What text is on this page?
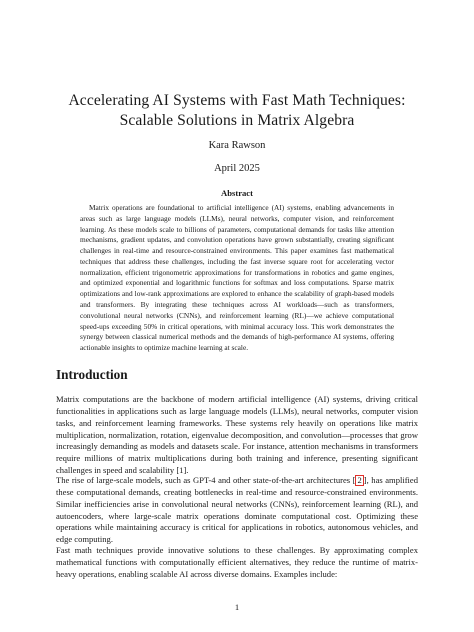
Accelerating AI Systems with Fast Math Techniques: Scalable Solutions in Matrix Algebra
Kara Rawson
April 2025
Abstract

Matrix operations are foundational to artificial intelligence (AI) systems, enabling advancements in areas such as large language models (LLMs), neural networks, computer vision, and reinforcement learning. As these models scale to billions of parameters, computational demands for tasks like attention mechanisms, gradient updates, and convolution operations have grown substantially, creating significant challenges in real-time and resource-constrained environments. This paper examines fast mathematical techniques that address these challenges, including the fast inverse square root for accelerating vector normalization, efficient trigonometric approximations for transformations in robotics and game engines, and optimized exponential and logarithmic functions for softmax and loss computations. Sparse matrix optimizations and low-rank approximations are explored to enhance the scalability of graph-based models and transformers. By integrating these techniques across AI workloads—such as transformers, convolutional neural networks (CNNs), and reinforcement learning (RL)—we achieve computational speed-ups exceeding 50% in critical operations, with minimal accuracy loss. This work demonstrates the synergy between classical numerical methods and the demands of high-performance AI systems, offering actionable insights to optimize machine learning at scale.

Introduction

Matrix computations are the backbone of modern artificial intelligence (AI) systems, driving critical functionalities in applications such as large language models (LLMs), neural networks, computer vision tasks, and reinforcement learning frameworks. These systems rely heavily on operations like matrix multiplication, normalization, rotation, eigenvalue decomposition, and convolution—processes that grow increasingly demanding as models and datasets scale. For instance, attention mechanisms in transformers require millions of matrix multiplications during both training and inference, presenting significant challenges in speed and scalability [1].

The rise of large-scale models, such as GPT-4 and other state-of-the-art architectures [ 2 ], has amplified these computational demands, creating bottlenecks in real-time and resource-constrained environments. Similar inefficiencies arise in convolutional neural networks (CNNs), reinforcement learning (RL), and autoencoders, where large-scale matrix operations dominate computational cost. Optimizing these operations while maintaining accuracy is critical for applications in robotics, autonomous vehicles, and edge computing.

Fast math techniques provide innovative solutions to these challenges. By approximating complex mathematical functions with computationally efficient alternatives, they reduce the runtime of matrix-heavy operations, enabling scalable AI across diverse domains. Examples include:

1
